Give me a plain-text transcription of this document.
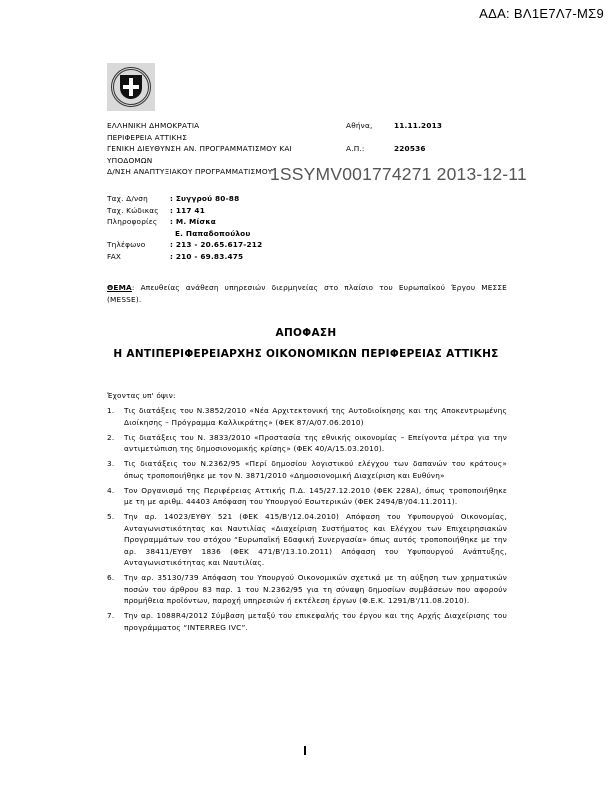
ΑΔΑ: ΒΛ1Ε7Λ7-ΜΣ9
ΕΛΛΗΝΙΚΗ ΔΗΜΟΚΡΑΤΙΑ
ΠΕΡΙΦΕΡΕΙΑ ΑΤΤΙΚΗΣ
ΓΕΝΙΚΗ ΔΙΕΥΘΥΝΣΗ ΑΝ. ΠΡΟΓΡΑΜΜΑΤΙΣΜΟΥ ΚΑΙ
ΥΠΟΔΟΜΩΝ
Δ/ΝΣΗ ΑΝΑΠΤΥΞΙΑΚΟΥ ΠΡΟΓΡΑΜΜΑΤΙΣΜΟΥ
Αθήνα,	11.11.2013
Α.Π.:	220536
1SSYMV001774271 2013-12-11
Ταχ. Δ/νση	: Συγγρού 80-88
Ταχ. Κώδικας	: 117 41
Πληροφορίες	: Μ. Μίσκα
Ε. Παπαδοπούλου
Τηλέφωνο	: 213 - 20.65.617-212
FAX	: 210 - 69.83.475
ΘΕΜΑ: Απευθείας ανάθεση υπηρεσιών διερμηνείας στο πλαίσιο του Ευρωπαϊκού Έργου ΜΕΣΣΕ (MESSE).
ΑΠΟΦΑΣΗ
Η ΑΝΤΙΠΕΡΙΦΕΡΕΙΑΡΧΗΣ ΟΙΚΟΝΟΜΙΚΩΝ ΠΕΡΙΦΕΡΕΙΑΣ ΑΤΤΙΚΗΣ
Έχοντας υπ' όψιν:
1.	Τις διατάξεις του Ν.3852/2010 «Νέα Αρχιτεκτονική της Αυτοδιοίκησης και της Αποκεντρωμένης Διοίκησης – Πρόγραμμα Καλλικράτης» (ΦΕΚ 87/Α/07.06.2010)
2.	Τις διατάξεις του Ν. 3833/2010 «Προστασία της εθνικής οικονομίας – Επείγοντα μέτρα για την αντιμετώπιση της δημοσιονομικής κρίσης» (ΦΕΚ 40/Α/15.03.2010).
3.	Τις διατάξεις του Ν.2362/95 «Περί δημοσίου λογιστικού ελέγχου των δαπανών του κράτους» όπως τροποποιήθηκε με τον Ν. 3871/2010 «Δημοσιονομική Διαχείριση και Ευθύνη»
4.	Τον Οργανισμό της Περιφέρειας Αττικής Π.Δ. 145/27.12.2010 (ΦΕΚ 228Α), όπως τροποποιήθηκε με τη με αριθμ. 44403 Απόφαση του Υπουργού Εσωτερικών (ΦΕΚ 2494/Β'/04.11.2011).
5.	Την αρ. 14023/ΕΥΘΥ 521 (ΦΕΚ 415/Β'/12.04.2010) Απόφαση του Υφυπουργού Οικονομίας, Ανταγωνιστικότητας και Ναυτιλίας «Διαχείριση Συστήματος και Ελέγχου των Επιχειρησιακών Προγραμμάτων του στόχου “Ευρωπαϊκή Εδαφική Συνεργασία» όπως αυτός τροποποιήθηκε με την αρ. 38411/ΕΥΘΥ 1836 (ΦΕΚ 471/Β'/13.10.2011) Απόφαση του Υφυπουργού Ανάπτυξης, Ανταγωνιστικότητας και Ναυτιλίας.
6.	Την αρ. 35130/739 Απόφαση του Υπουργού Οικονομικών σχετικά με τη αύξηση των χρηματικών ποσών του άρθρου 83 παρ. 1 του Ν.2362/95 για τη σύναψη δημοσίων συμβάσεων που αφορούν προμήθεια προϊόντων, παροχή υπηρεσιών ή εκτέλεση έργων (Φ.Ε.Κ. 1291/Β'/11.08.2010).
7.	Την αρ. 1088R4/2012 Σύμβαση μεταξύ του επικεφαλής του έργου και της Αρχής Διαχείρισης του προγράμματος “INTERREG IVC”.
